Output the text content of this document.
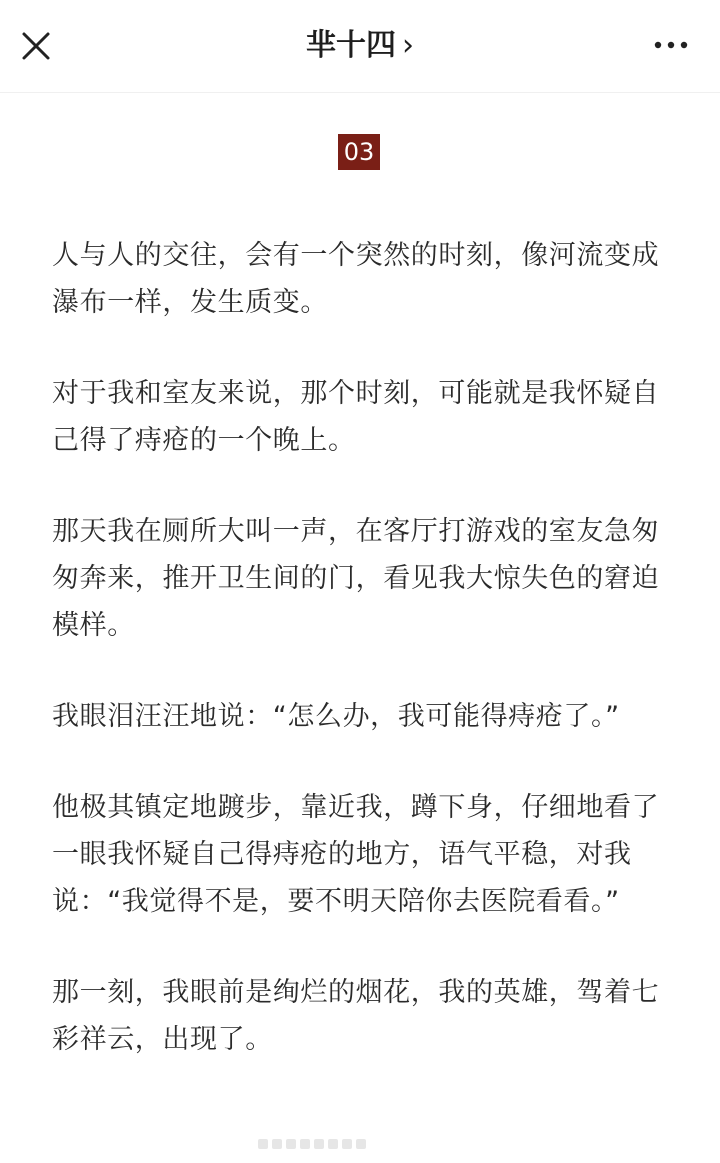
芈十四 ›
03

人与人的交往，会有一个突然的时刻，像河流变成瀑布一样，发生质变。

对于我和室友来说，那个时刻，可能就是我怀疑自己得了痔疮的一个晚上。

那天我在厕所大叫一声，在客厅打游戏的室友急匆匆奔来，推开卫生间的门，看见我大惊失色的窘迫模样。

我眼泪汪汪地说：“怎么办，我可能得痔疮了。”

他极其镇定地踱步，靠近我，蹲下身，仔细地看了一眼我怀疑自己得痔疮的地方，语气平稳，对我说：“我觉得不是，要不明天陪你去医院看看。”

那一刻，我眼前是绚烂的烟花，我的英雄，驾着七彩祥云，出现了。
